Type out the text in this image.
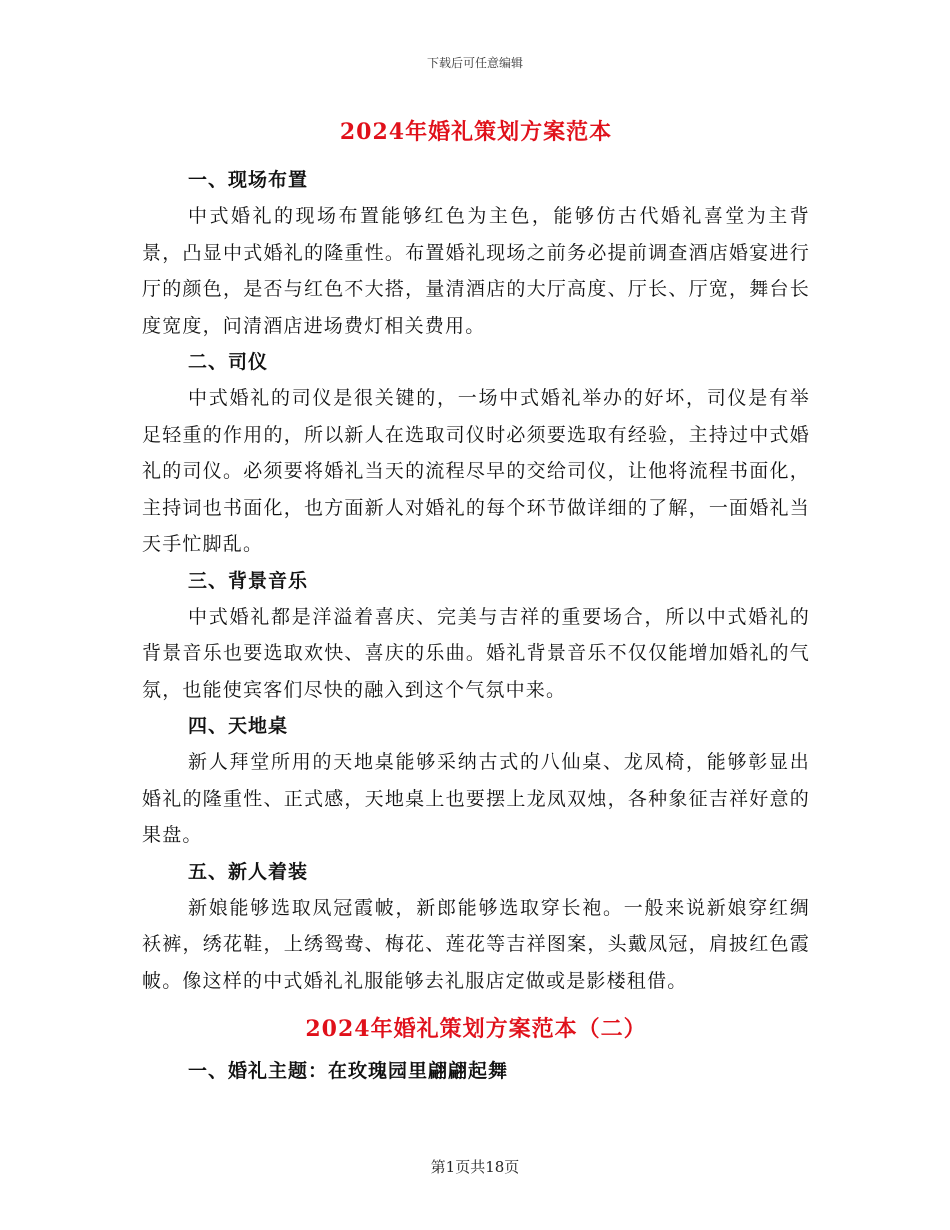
下载后可任意编辑
2024年婚礼策划方案范本
一、现场布置
中式婚礼的现场布置能够红色为主色，能够仿古代婚礼喜堂为主背景，凸显中式婚礼的隆重性。布置婚礼现场之前务必提前调查酒店婚宴进行厅的颜色，是否与红色不大搭，量清酒店的大厅高度、厅长、厅宽，舞台长度宽度，问清酒店进场费灯相关费用。
二、司仪
中式婚礼的司仪是很关键的，一场中式婚礼举办的好坏，司仪是有举足轻重的作用的，所以新人在选取司仪时必须要选取有经验，主持过中式婚礼的司仪。必须要将婚礼当天的流程尽早的交给司仪，让他将流程书面化，主持词也书面化，也方面新人对婚礼的每个环节做详细的了解，一面婚礼当天手忙脚乱。
三、背景音乐
中式婚礼都是洋溢着喜庆、完美与吉祥的重要场合，所以中式婚礼的背景音乐也要选取欢快、喜庆的乐曲。婚礼背景音乐不仅仅能增加婚礼的气氛，也能使宾客们尽快的融入到这个气氛中来。
四、天地桌
新人拜堂所用的天地桌能够采纳古式的八仙桌、龙凤椅，能够彰显出婚礼的隆重性、正式感，天地桌上也要摆上龙凤双烛，各种象征吉祥好意的果盘。
五、新人着装
新娘能够选取凤冠霞帔，新郎能够选取穿长袍。一般来说新娘穿红绸袄裤，绣花鞋，上绣鸳鸯、梅花、莲花等吉祥图案，头戴凤冠，肩披红色霞帔。像这样的中式婚礼礼服能够去礼服店定做或是影楼租借。
2024年婚礼策划方案范本（二）
一、婚礼主题：在玫瑰园里翩翩起舞
第1页共18页
